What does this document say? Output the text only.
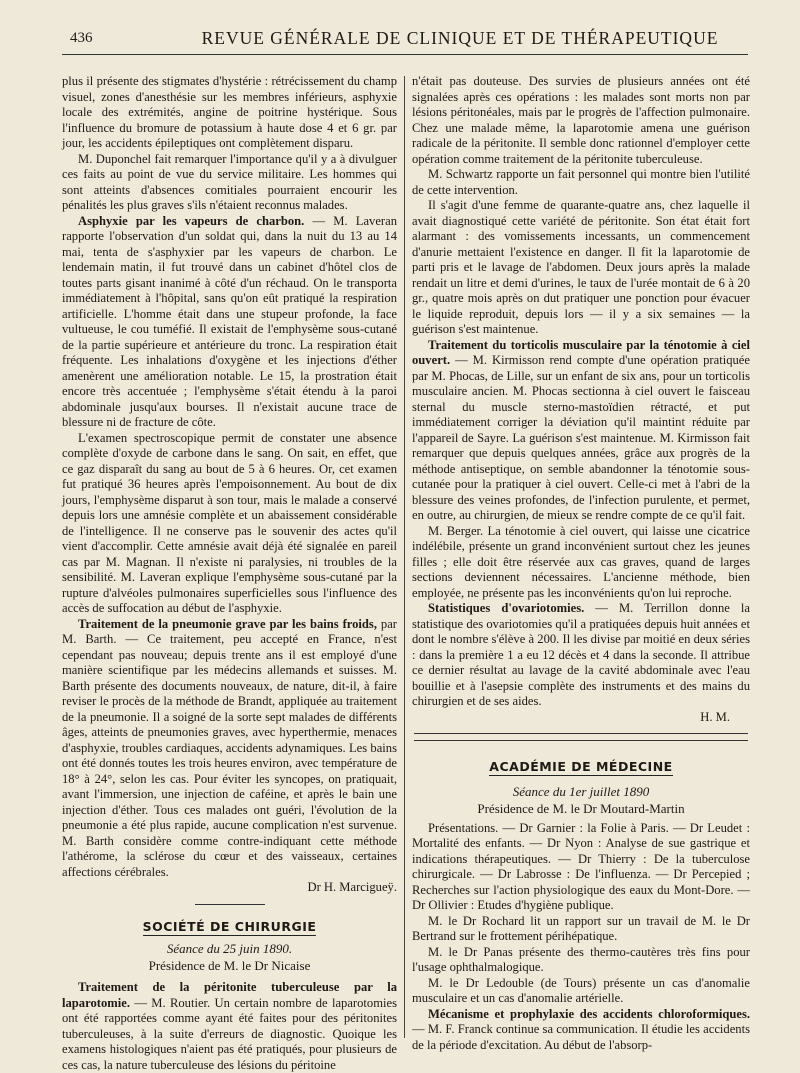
436	REVUE GÉNÉRALE DE CLINIQUE ET DE THÉRAPEUTIQUE

plus il présente des stigmates d'hystérie : rétrécissement du champ visuel, zones d'anesthésie sur les membres inférieurs, asphyxie locale des extrémités, angine de poitrine hystérique. Sous l'influence du bromure de potassium à haute dose 4 et 6 gr. par jour, les accidents épileptiques ont complètement disparu.

M. Duponchel fait remarquer l'importance qu'il y a à divulguer ces faits au point de vue du service militaire. Les hommes qui sont atteints d'absences comitiales pourraient encourir les pénalités les plus graves s'ils n'étaient reconnus malades.

Asphyxie par les vapeurs de charbon. — M. Laveran rapporte l'observation d'un soldat qui, dans la nuit du 13 au 14 mai, tenta de s'asphyxier par les vapeurs de charbon. Le lendemain matin, il fut trouvé dans un cabinet d'hôtel clos de toutes parts gisant inanimé à côté d'un réchaud. On le transporta immédiatement à l'hôpital, sans qu'on eût pratiqué la respiration artificielle. L'homme était dans une stupeur profonde, la face vultueuse, le cou tuméfié. Il existait de l'emphysème sous-cutané de la partie supérieure et antérieure du tronc. La respiration était fréquente. Les inhalations d'oxygène et les injections d'éther amenèrent une amélioration notable. Le 15, la prostration était encore très accentuée ; l'emphysème s'était étendu à la paroi abdominale jusqu'aux bourses. Il n'existait aucune trace de blessure ni de fracture de côte.

L'examen spectroscopique permit de constater une absence complète d'oxyde de carbone dans le sang. On sait, en effet, que ce gaz disparaît du sang au bout de 5 à 6 heures. Or, cet examen fut pratiqué 36 heures après l'empoisonnement. Au bout de dix jours, l'emphysème disparut à son tour, mais le malade a conservé depuis lors une amnésie complète et un abaissement considérable de l'intelligence. Il ne conserve pas le souvenir des actes qu'il vient d'accomplir. Cette amnésie avait déjà été signalée en pareil cas par M. Magnan. Il n'existe ni paralysies, ni troubles de la sensibilité. M. Laveran explique l'emphysème sous-cutané par la rupture d'alvéoles pulmonaires superficielles sous l'influence des accès de suffocation au début de l'asphyxie.

Traitement de la pneumonie grave par les bains froids, par M. Barth. — Ce traitement, peu accepté en France, n'est cependant pas nouveau; depuis trente ans il est employé d'une manière scientifique par les médecins allemands et suisses. M. Barth présente des documents nouveaux, de nature, dit-il, à faire reviser le procès de la méthode de Brandt, appliquée au traitement de la pneumonie. Il a soigné de la sorte sept malades de différents âges, atteints de pneumonies graves, avec hyperthermie, menaces d'asphyxie, troubles cardiaques, accidents adynamiques. Les bains ont été donnés toutes les trois heures environ, avec température de 18° à 24°, selon les cas. Pour éviter les syncopes, on pratiquait, avant l'immersion, une injection de caféine, et après le bain une injection d'éther. Tous ces malades ont guéri, l'évolution de la pneumonie a été plus rapide, aucune complication n'est survenue. M. Barth considère comme contre-indiquant cette méthode l'athérome, la sclérose du cœur et des vaisseaux, certaines affections cérébrales.

Dr H. Marcigueÿ.

SOCIÉTÉ DE CHIRURGIE

Séance du 25 juin 1890.

Présidence de M. le Dr Nicaise

Traitement de la péritonite tuberculeuse par la laparotomie. — M. Routier. Un certain nombre de laparotomies ont été rapportées comme ayant été faites pour des péritonites tuberculeuses, à la suite d'erreurs de diagnostic. Quoique les examens histologiques n'aient pas été pratiqués, pour plusieurs de ces cas, la nature tuberculeuse des lésions du péritoine

n'était pas douteuse. Des survies de plusieurs années ont été signalées après ces opérations : les malades sont morts non par lésions péritonéales, mais par le progrès de l'affection pulmonaire. Chez une malade même, la laparotomie amena une guérison radicale de la péritonite. Il semble donc rationnel d'employer cette opération comme traitement de la péritonite tuberculeuse.

M. Schwartz rapporte un fait personnel qui montre bien l'utilité de cette intervention.

Il s'agit d'une femme de quarante-quatre ans, chez laquelle il avait diagnostiqué cette variété de péritonite. Son état était fort alarmant : des vomissements incessants, un commencement d'anurie mettaient l'existence en danger. Il fit la laparotomie de parti pris et le lavage de l'abdomen. Deux jours après la malade rendait un litre et demi d'urines, le taux de l'urée montait de 6 à 20 gr., quatre mois après on dut pratiquer une ponction pour évacuer le liquide reproduit, depuis lors — il y a six semaines — la guérison s'est maintenue.

Traitement du torticolis musculaire par la ténotomie à ciel ouvert. — M. Kirmisson rend compte d'une opération pratiquée par M. Phocas, de Lille, sur un enfant de six ans, pour un torticolis musculaire ancien. M. Phocas sectionna à ciel ouvert le faisceau sternal du muscle sterno-mastoïdien rétracté, et put immédiatement corriger la déviation qu'il maintint réduite par l'appareil de Sayre. La guérison s'est maintenue. M. Kirmisson fait remarquer que depuis quelques années, grâce aux progrès de la méthode antiseptique, on semble abandonner la ténotomie sous-cutanée pour la pratiquer à ciel ouvert. Celle-ci met à l'abri de la blessure des veines profondes, de l'infection purulente, et permet, en outre, au chirurgien, de mieux se rendre compte de ce qu'il fait.

M. Berger. La ténotomie à ciel ouvert, qui laisse une cicatrice indélébile, présente un grand inconvénient surtout chez les jeunes filles ; elle doit être réservée aux cas graves, quand de larges sections deviennent nécessaires. L'ancienne méthode, bien employée, ne présente pas les inconvénients qu'on lui reproche.

Statistiques d'ovariotomies. — M. Terrillon donne la statistique des ovariotomies qu'il a pratiquées depuis huit années et dont le nombre s'élève à 200. Il les divise par moitié en deux séries : dans la première 1 a eu 12 décès et 4 dans la seconde. Il attribue ce dernier résultat au lavage de la cavité abdominale avec l'eau bouillie et à l'asepsie complète des instruments et des mains du chirurgien et de ses aides.

H. M.

ACADÉMIE DE MÉDECINE

Séance du 1er juillet 1890

Présidence de M. le Dr Moutard-Martin

Présentations. — Dr Garnier : la Folie à Paris. — Dr Leudet : Mortalité des enfants. — Dr Nyon : Analyse de sue gastrique et indications thérapeutiques. — Dr Thierry : De la tuberculose chirurgicale. — Dr Labrosse : De l'influenza. — Dr Percepied ; Recherches sur l'action physiologique des eaux du Mont-Dore. — Dr Ollivier : Etudes d'hygiène publique.

M. le Dr Rochard lit un rapport sur un travail de M. le Dr Bertrand sur le frottement périhépatique.

M. le Dr Panas présente des thermo-cautères très fins pour l'usage ophthalmalogique.

M. le Dr Ledouble (de Tours) présente un cas d'anomalie musculaire et un cas d'anomalie artérielle.

Mécanisme et prophylaxie des accidents chloroformiques. — M. F. Franck continue sa communication. Il étudie les accidents de la période d'excitation. Au début de l'absorp-
